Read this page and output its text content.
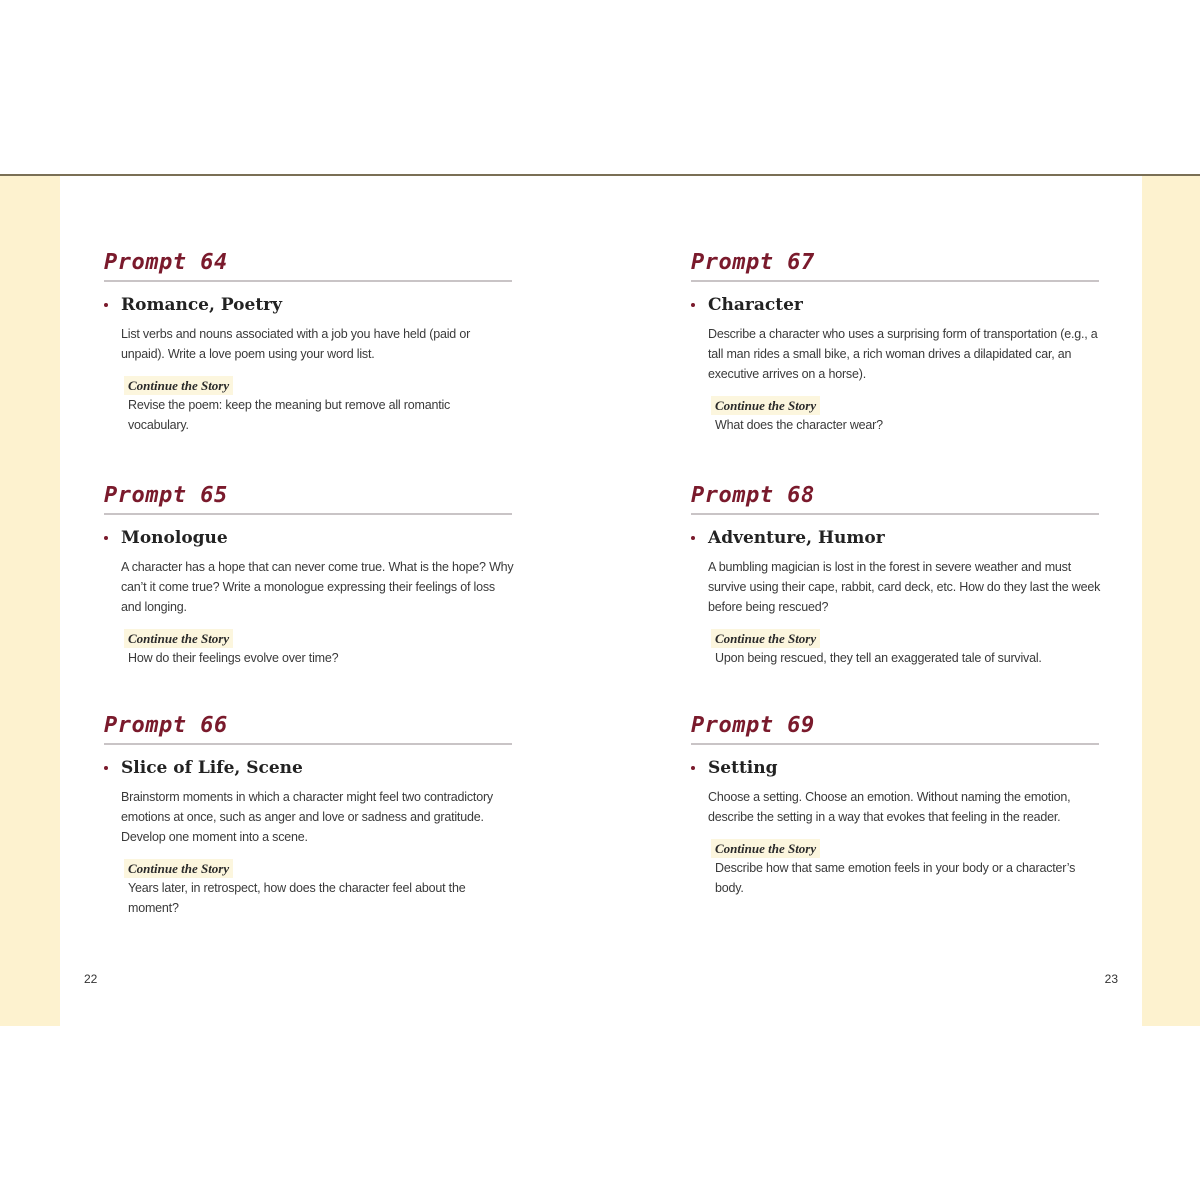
Prompt 64
Romance, Poetry
List verbs and nouns associated with a job you have held (paid or unpaid). Write a love poem using your word list.
Continue the Story
Revise the poem: keep the meaning but remove all romantic vocabulary.
Prompt 65
Monologue
A character has a hope that can never come true. What is the hope? Why can’t it come true? Write a monologue expressing their feelings of loss and longing.
Continue the Story
How do their feelings evolve over time?
Prompt 66
Slice of Life, Scene
Brainstorm moments in which a character might feel two contradictory emotions at once, such as anger and love or sadness and gratitude. Develop one moment into a scene.
Continue the Story
Years later, in retrospect, how does the character feel about the moment?
22
Prompt 67
Character
Describe a character who uses a surprising form of transportation (e.g., a tall man rides a small bike, a rich woman drives a dilapidated car, an executive arrives on a horse).
Continue the Story
What does the character wear?
Prompt 68
Adventure, Humor
A bumbling magician is lost in the forest in severe weather and must survive using their cape, rabbit, card deck, etc. How do they last the week before being rescued?
Continue the Story
Upon being rescued, they tell an exaggerated tale of survival.
Prompt 69
Setting
Choose a setting. Choose an emotion. Without naming the emotion, describe the setting in a way that evokes that feeling in the reader.
Continue the Story
Describe how that same emotion feels in your body or a character’s body.
23
